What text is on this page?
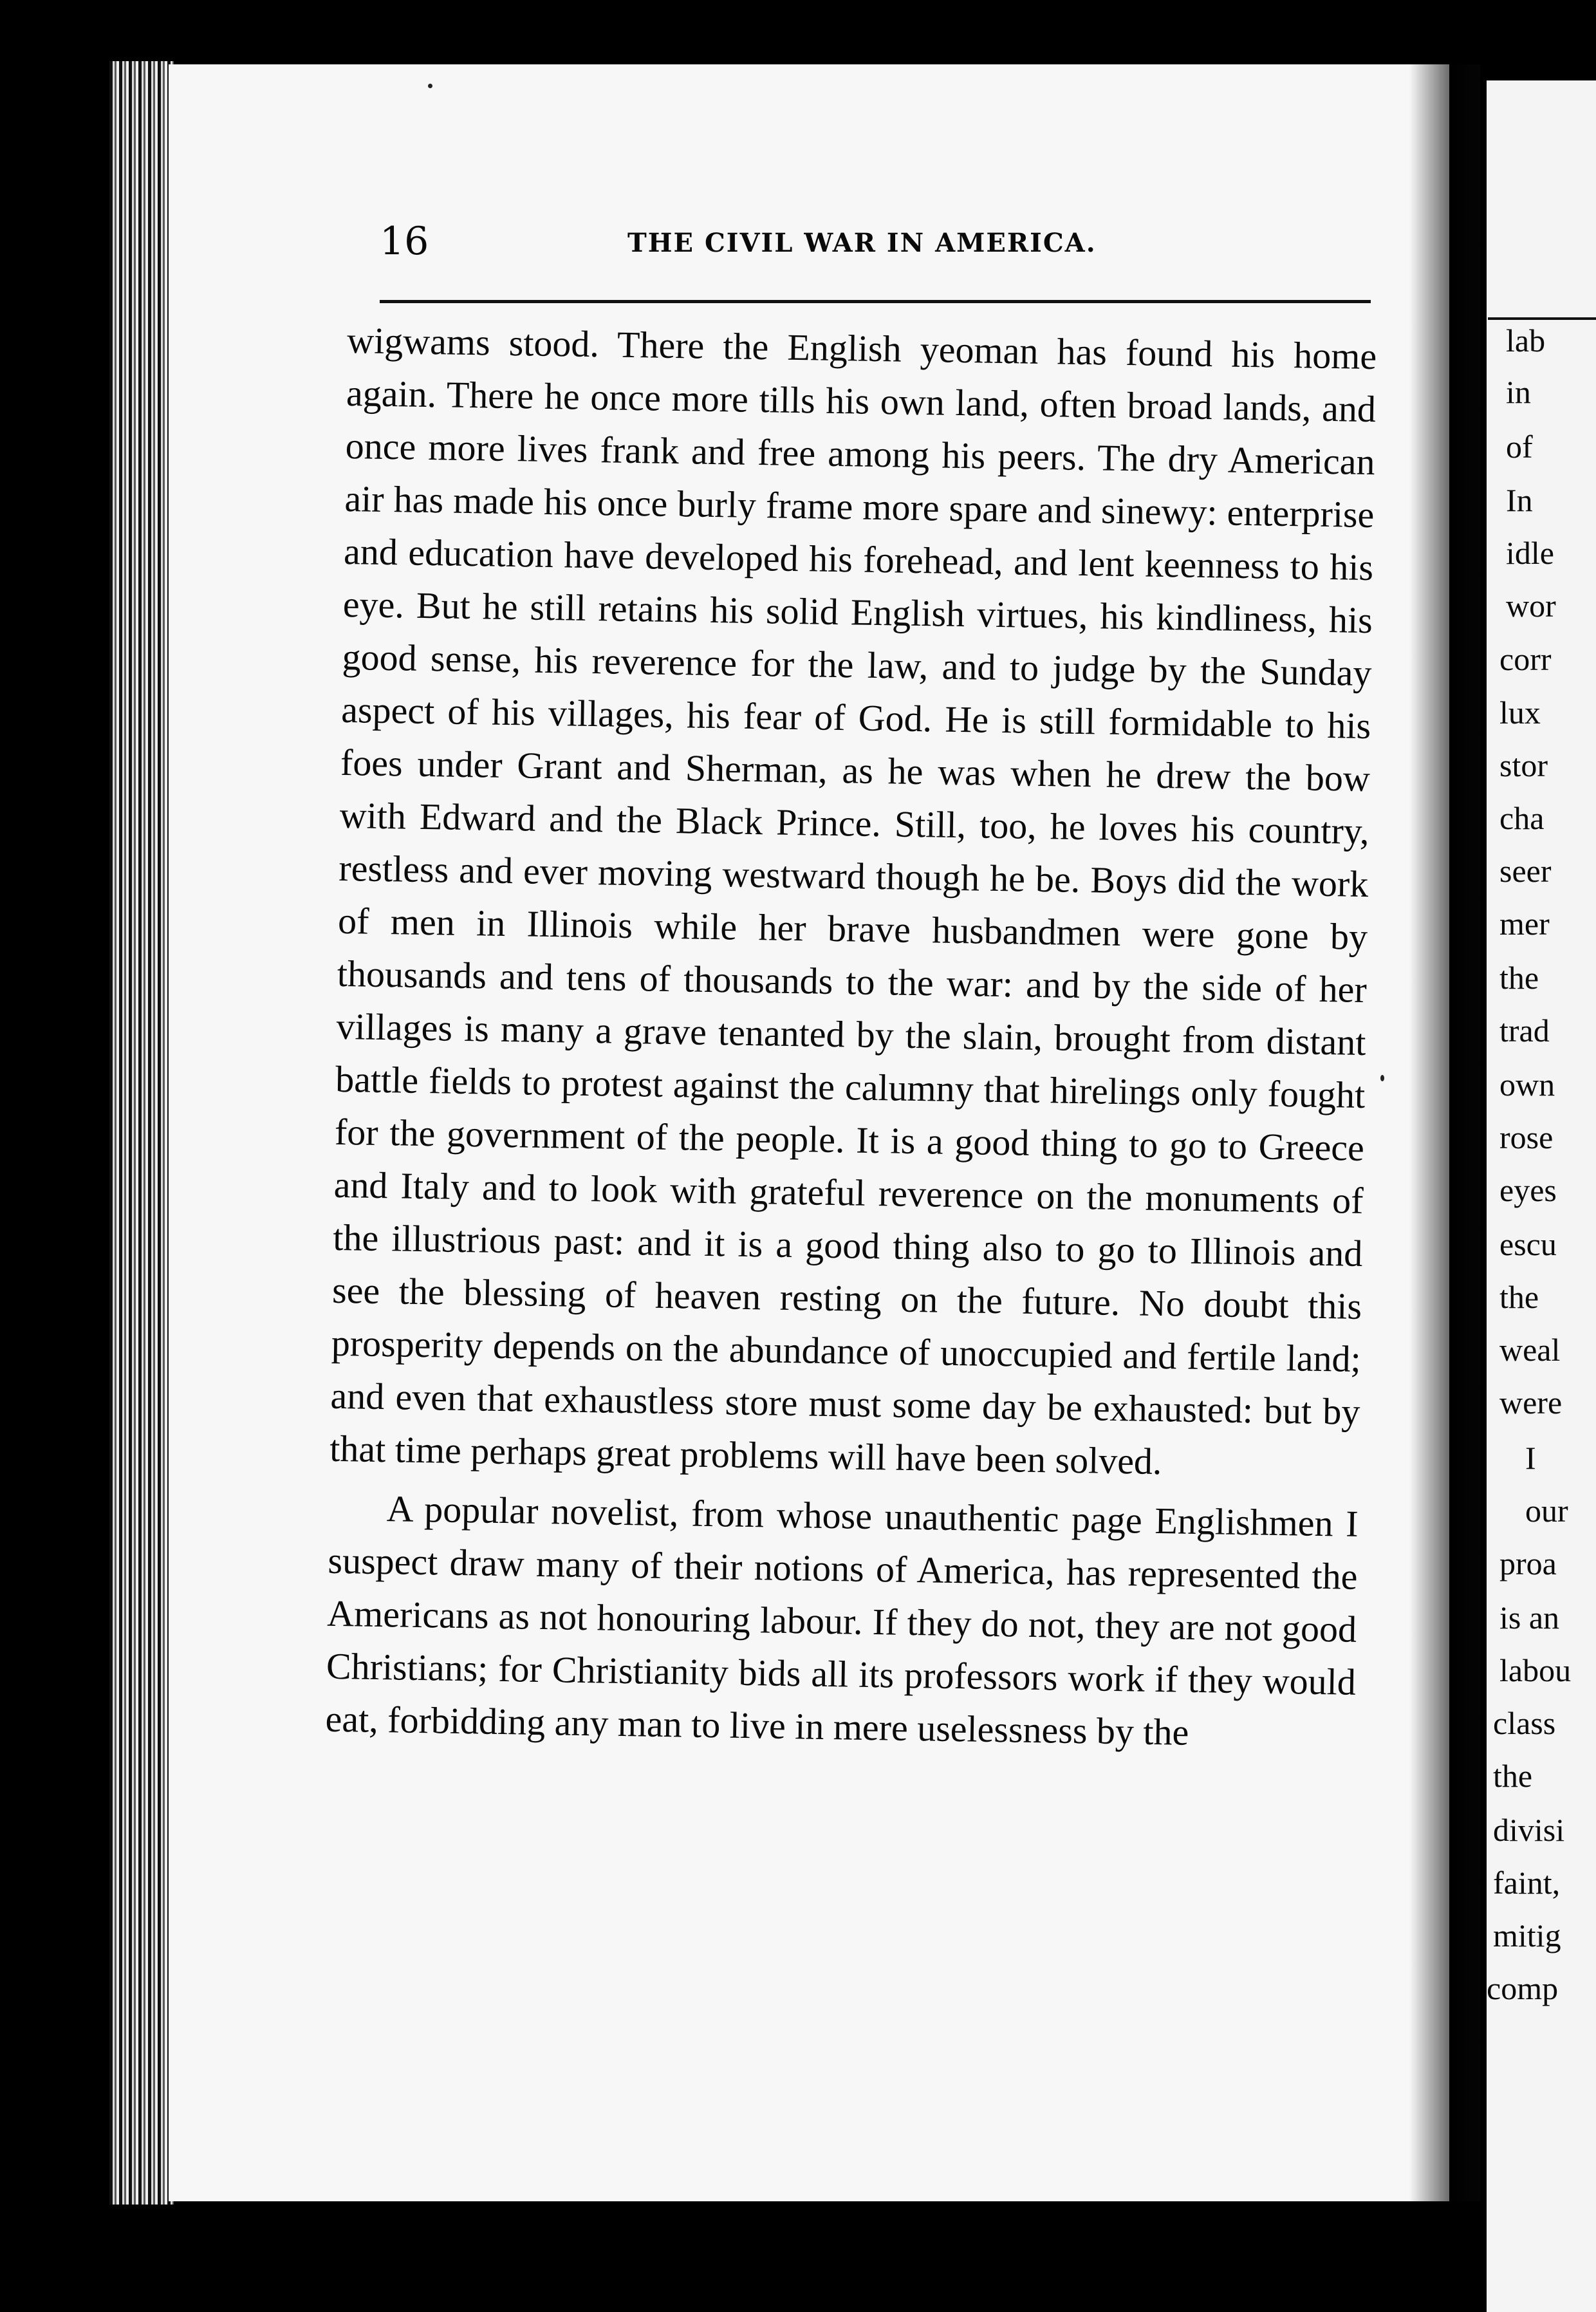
lab
in
of
In
idle
wor
corr
lux
stor
cha
seer
mer
the
trad
own
rose
eyes
escu
the
weal
were
I
our
proa
is an
labou
class
the
divisi
faint,
mitig
comp
16	THE CIVIL WAR IN AMERICA.

wigwams stood. There the English yeoman has found his home again. There he once more tills his own land, often broad lands, and once more lives frank and free among his peers. The dry American air has made his once burly frame more spare and sinewy: enterprise and education have developed his forehead, and lent keenness to his eye. But he still retains his solid English virtues, his kindliness, his good sense, his reverence for the law, and to judge by the Sunday aspect of his villages, his fear of God. He is still formidable to his foes under Grant and Sherman, as he was when he drew the bow with Edward and the Black Prince. Still, too, he loves his country, restless and ever moving westward though he be. Boys did the work of men in Illinois while her brave husbandmen were gone by thousands and tens of thousands to the war: and by the side of her villages is many a grave tenanted by the slain, brought from distant battle fields to protest against the calumny that hirelings only fought for the government of the people. It is a good thing to go to Greece and Italy and to look with grateful reverence on the monuments of the illustrious past: and it is a good thing also to go to Illinois and see the blessing of heaven resting on the future. No doubt this prosperity depends on the abundance of unoccupied and fertile land; and even that exhaustless store must some day be exhausted: but by that time perhaps great problems will have been solved.

A popular novelist, from whose unauthentic page Englishmen I suspect draw many of their notions of America, has represented the Americans as not honouring labour. If they do not, they are not good Christians; for Christianity bids all its professors work if they would eat, forbidding any man to live in mere uselessness by the
